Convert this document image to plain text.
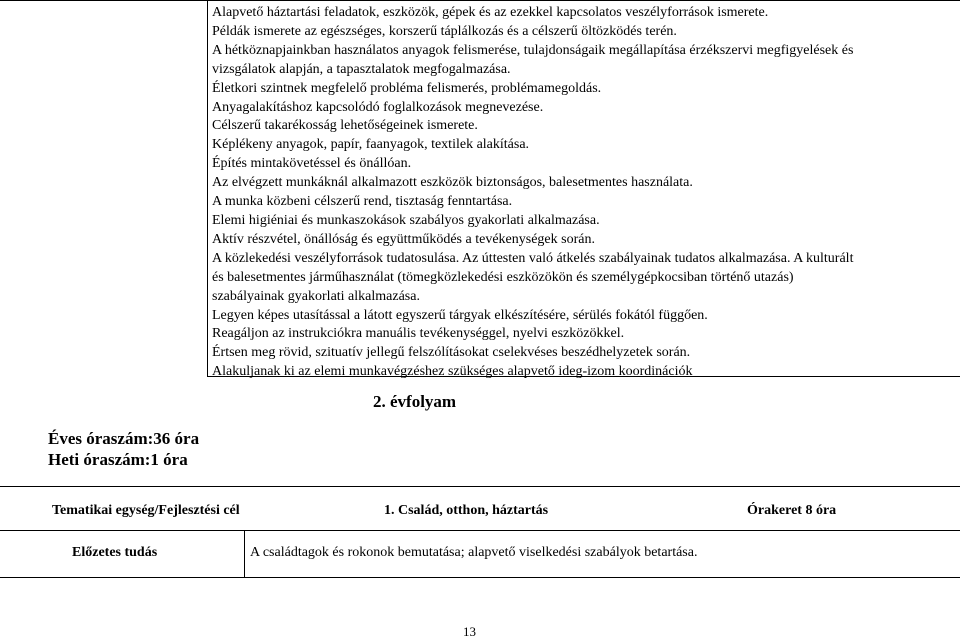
Alapvető háztartási feladatok, eszközök, gépek és az ezekkel kapcsolatos veszélyforrások ismerete.
Példák ismerete az egészséges, korszerű táplálkozás és a célszerű öltözködés terén.
A hétköznapjainkban használatos anyagok felismerése, tulajdonságaik megállapítása érzékszervi megfigyelések és
vizsgálatok alapján, a tapasztalatok megfogalmazása.
Életkori szintnek megfelelő probléma felismerés, problémamegoldás.
Anyagalakításhoz kapcsolódó foglalkozások megnevezése.
Célszerű takarékosság lehetőségeinek ismerete.
Képlékeny anyagok, papír, faanyagok, textilek alakítása.
Építés mintakövetéssel és önállóan.
Az elvégzett munkáknál alkalmazott eszközök biztonságos, balesetmentes használata.
A munka közbeni célszerű rend, tisztaság fenntartása.
Elemi higiéniai és munkaszokások szabályos gyakorlati alkalmazása.
Aktív részvétel, önállóság és együttműködés a tevékenységek során.
A közlekedési veszélyforrások tudatosulása. Az úttesten való átkelés szabályainak tudatos alkalmazása. A kulturált
és balesetmentes járműhasználat (tömegközlekedési eszközökön és személygépkocsiban történő utazás)
szabályainak gyakorlati alkalmazása.
Legyen képes utasítással a látott egyszerű tárgyak elkészítésére, sérülés fokától függően.
Reagáljon az instrukciókra manuális tevékenységgel, nyelvi eszközökkel.
Értsen meg rövid, szituatív jellegű felszólításokat cselekvéses beszédhelyzetek során.
Alakuljanak ki az elemi munkavégzéshez szükséges alapvető ideg-izom koordinációk
2. évfolyam
Éves óraszám:36 óra
Heti óraszám:1 óra
Tematikai egység/Fejlesztési cél	1. Család, otthon, háztartás	Órakeret 8 óra
Előzetes tudás	A családtagok és rokonok bemutatása; alapvető viselkedési szabályok betartása.
13
